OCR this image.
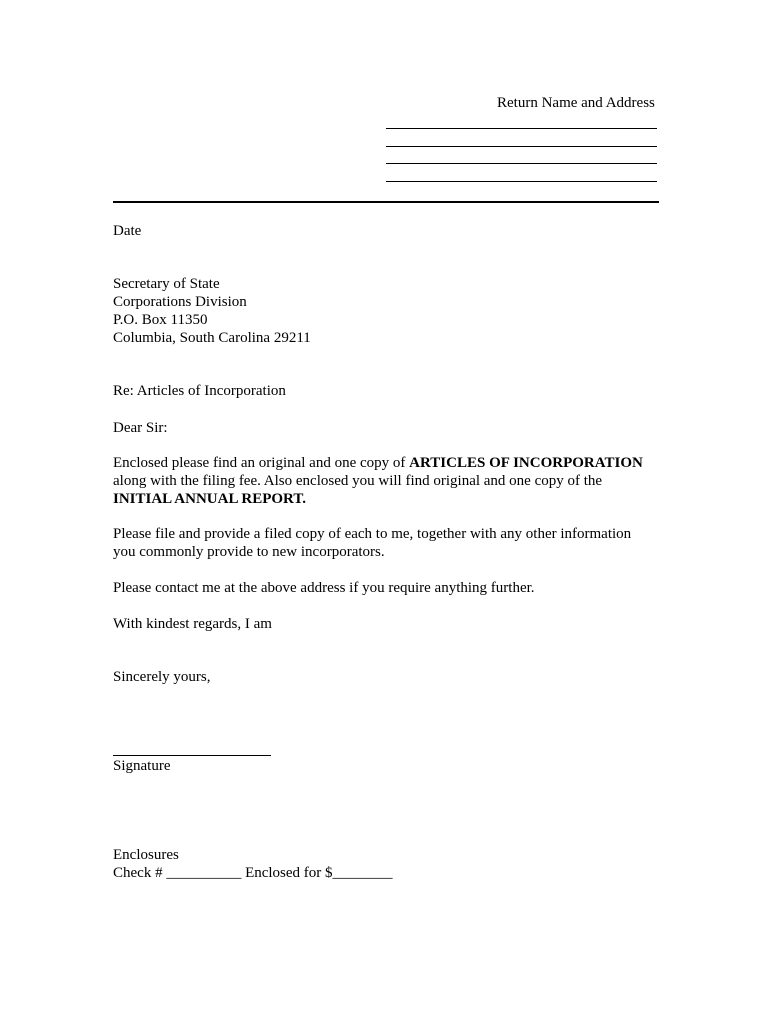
Return Name and Address

Date

Secretary of State

Corporations Division

P.O. Box 11350

Columbia, South Carolina 29211

Re: Articles of Incorporation

Dear Sir:

Enclosed please find an original and one copy of ARTICLES OF INCORPORATION

along with the filing fee. Also enclosed you will find original and one copy of the

INITIAL ANNUAL REPORT.

Please file and provide a filed copy of each to me, together with any other information

you commonly provide to new incorporators.

Please contact me at the above address if you require anything further.

With kindest regards, I am

Sincerely yours,

Signature

Enclosures

Check # __________ Enclosed for $________
